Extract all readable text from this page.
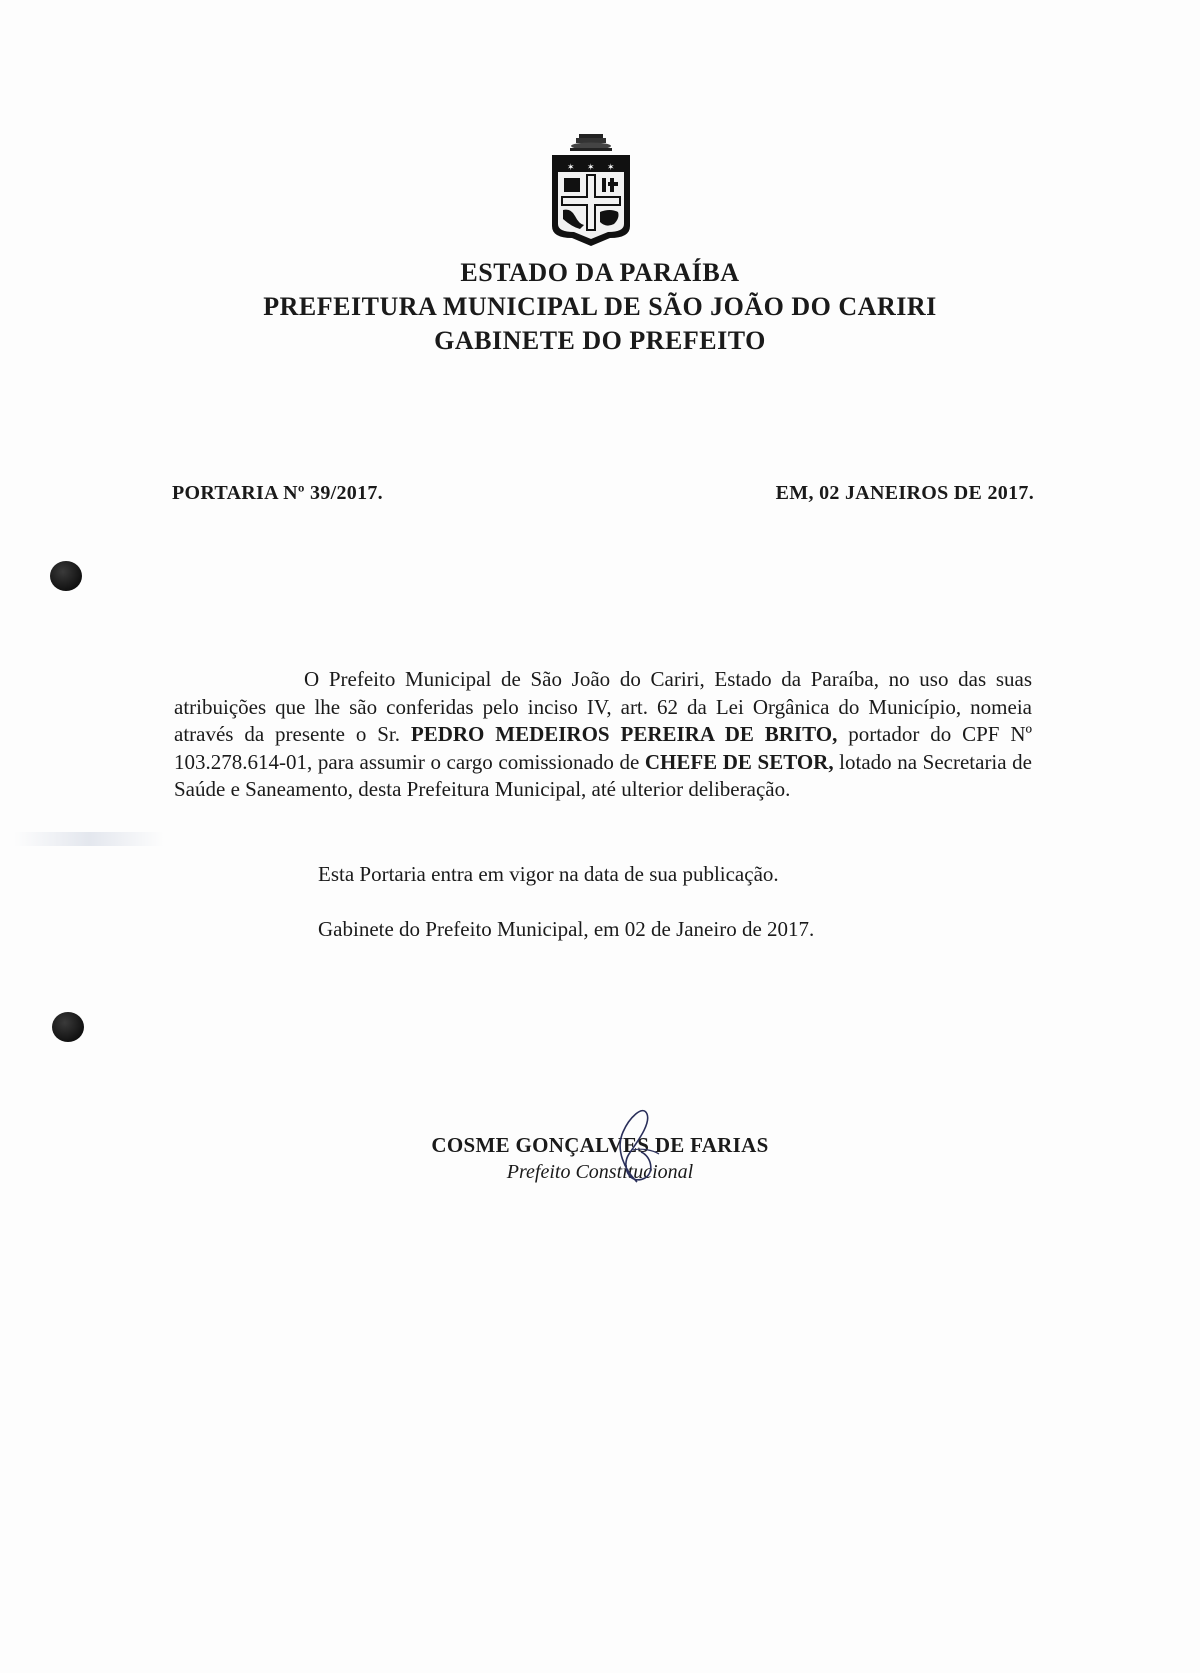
✶ ✶ ✶
ESTADO DA PARAÍBA
PREFEITURA MUNICIPAL DE SÃO JOÃO DO CARIRI
GABINETE DO PREFEITO
PORTARIA Nº 39/2017.	EM, 02 JANEIROS DE 2017.
O Prefeito Municipal de São João do Cariri, Estado da Paraíba, no uso das suas atribuições que lhe são conferidas pelo inciso IV, art. 62 da Lei Orgânica do Município, nomeia através da presente o Sr. PEDRO MEDEIROS PEREIRA DE BRITO, portador do CPF Nº 103.278.614-01, para assumir o cargo comissionado de CHEFE DE SETOR, lotado na Secretaria de Saúde e Saneamento, desta Prefeitura Municipal, até ulterior deliberação.
Esta Portaria entra em vigor na data de sua publicação.
Gabinete do Prefeito Municipal, em 02 de Janeiro de 2017.
COSME GONÇALVES DE FARIAS
Prefeito Constitucional
